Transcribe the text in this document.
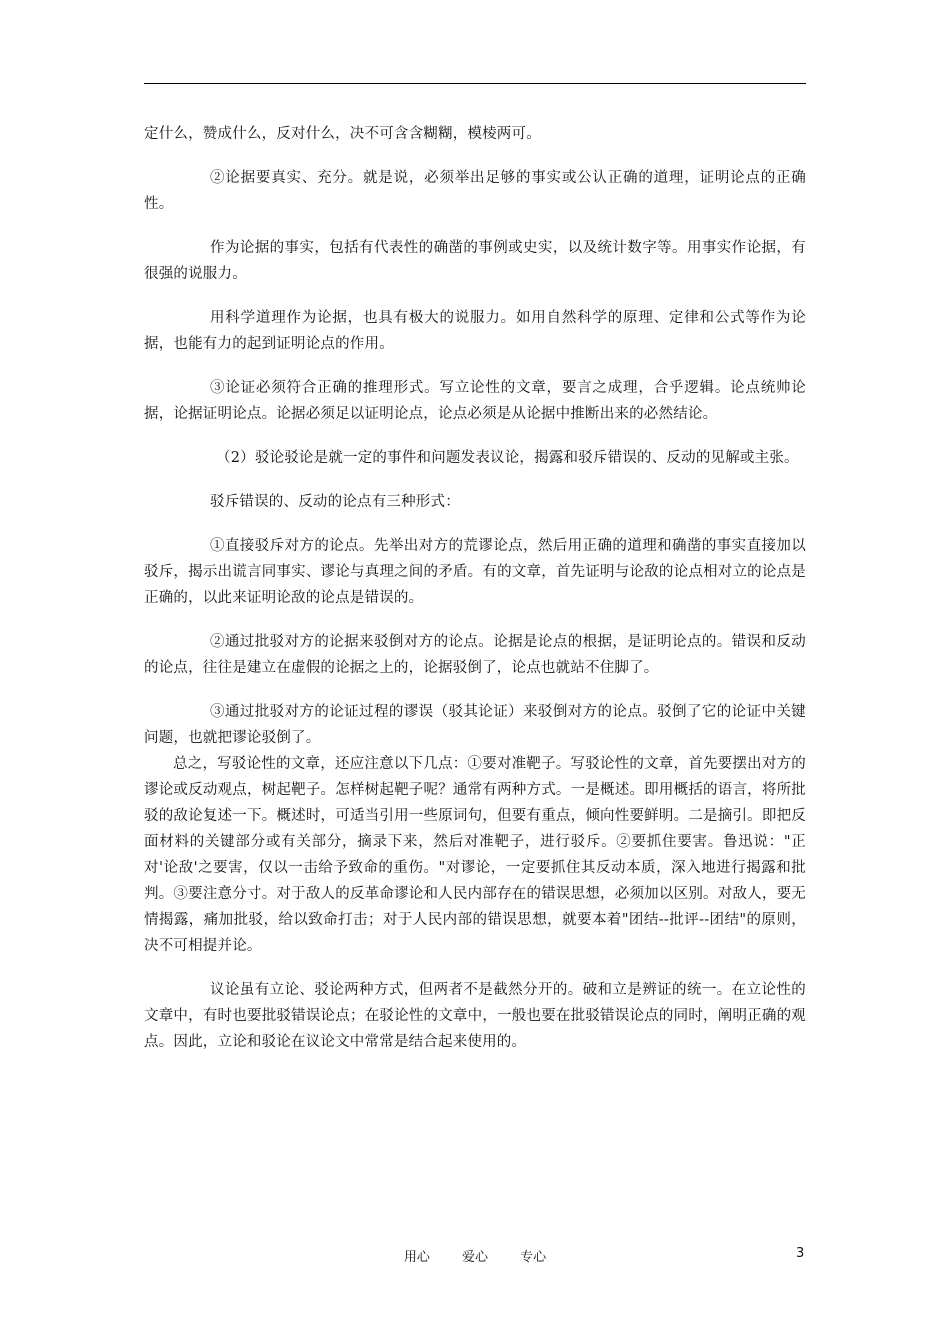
定什么，赞成什么，反对什么，决不可含含糊糊，模棱两可。

②论据要真实、充分。就是说，必须举出足够的事实或公认正确的道理，证明论点的正确性。

作为论据的事实，包括有代表性的确凿的事例或史实，以及统计数字等。用事实作论据，有很强的说服力。

用科学道理作为论据，也具有极大的说服力。如用自然科学的原理、定律和公式等作为论据，也能有力的起到证明论点的作用。

③论证必须符合正确的推理形式。写立论性的文章，要言之成理，合乎逻辑。论点统帅论据，论据证明论点。论据必须足以证明论点，论点必须是从论据中推断出来的必然结论。

（2）驳论驳论是就一定的事件和问题发表议论，揭露和驳斥错误的、反动的见解或主张。

驳斥错误的、反动的论点有三种形式：

①直接驳斥对方的论点。先举出对方的荒谬论点，然后用正确的道理和确凿的事实直接加以驳斥，揭示出谎言同事实、谬论与真理之间的矛盾。有的文章，首先证明与论敌的论点相对立的论点是正确的，以此来证明论敌的论点是错误的。

②通过批驳对方的论据来驳倒对方的论点。论据是论点的根据，是证明论点的。错误和反动的论点，往往是建立在虚假的论据之上的，论据驳倒了，论点也就站不住脚了。

③通过批驳对方的论证过程的谬误（驳其论证）来驳倒对方的论点。驳倒了它的论证中关键问题，也就把谬论驳倒了。

总之，写驳论性的文章，还应注意以下几点：①要对准靶子。写驳论性的文章，首先要摆出对方的谬论或反动观点，树起靶子。怎样树起靶子呢？通常有两种方式。一是概述。即用概括的语言，将所批驳的敌论复述一下。概述时，可适当引用一些原词句，但要有重点，倾向性要鲜明。二是摘引。即把反面材料的关键部分或有关部分，摘录下来，然后对准靶子，进行驳斥。②要抓住要害。鲁迅说："正对'论敌'之要害，仅以一击给予致命的重伤。"对谬论，一定要抓住其反动本质，深入地进行揭露和批判。③要注意分寸。对于敌人的反革命谬论和人民内部存在的错误思想，必须加以区别。对敌人，要无情揭露，痛加批驳，给以致命打击；对于人民内部的错误思想，就要本着"团结--批评--团结"的原则，决不可相提并论。

议论虽有立论、驳论两种方式，但两者不是截然分开的。破和立是辨证的统一。在立论性的文章中，有时也要批驳错误论点；在驳论性的文章中，一般也要在批驳错误论点的同时，阐明正确的观点。因此，立论和驳论在议论文中常常是结合起来使用的。

用心 爱心 专心	3
